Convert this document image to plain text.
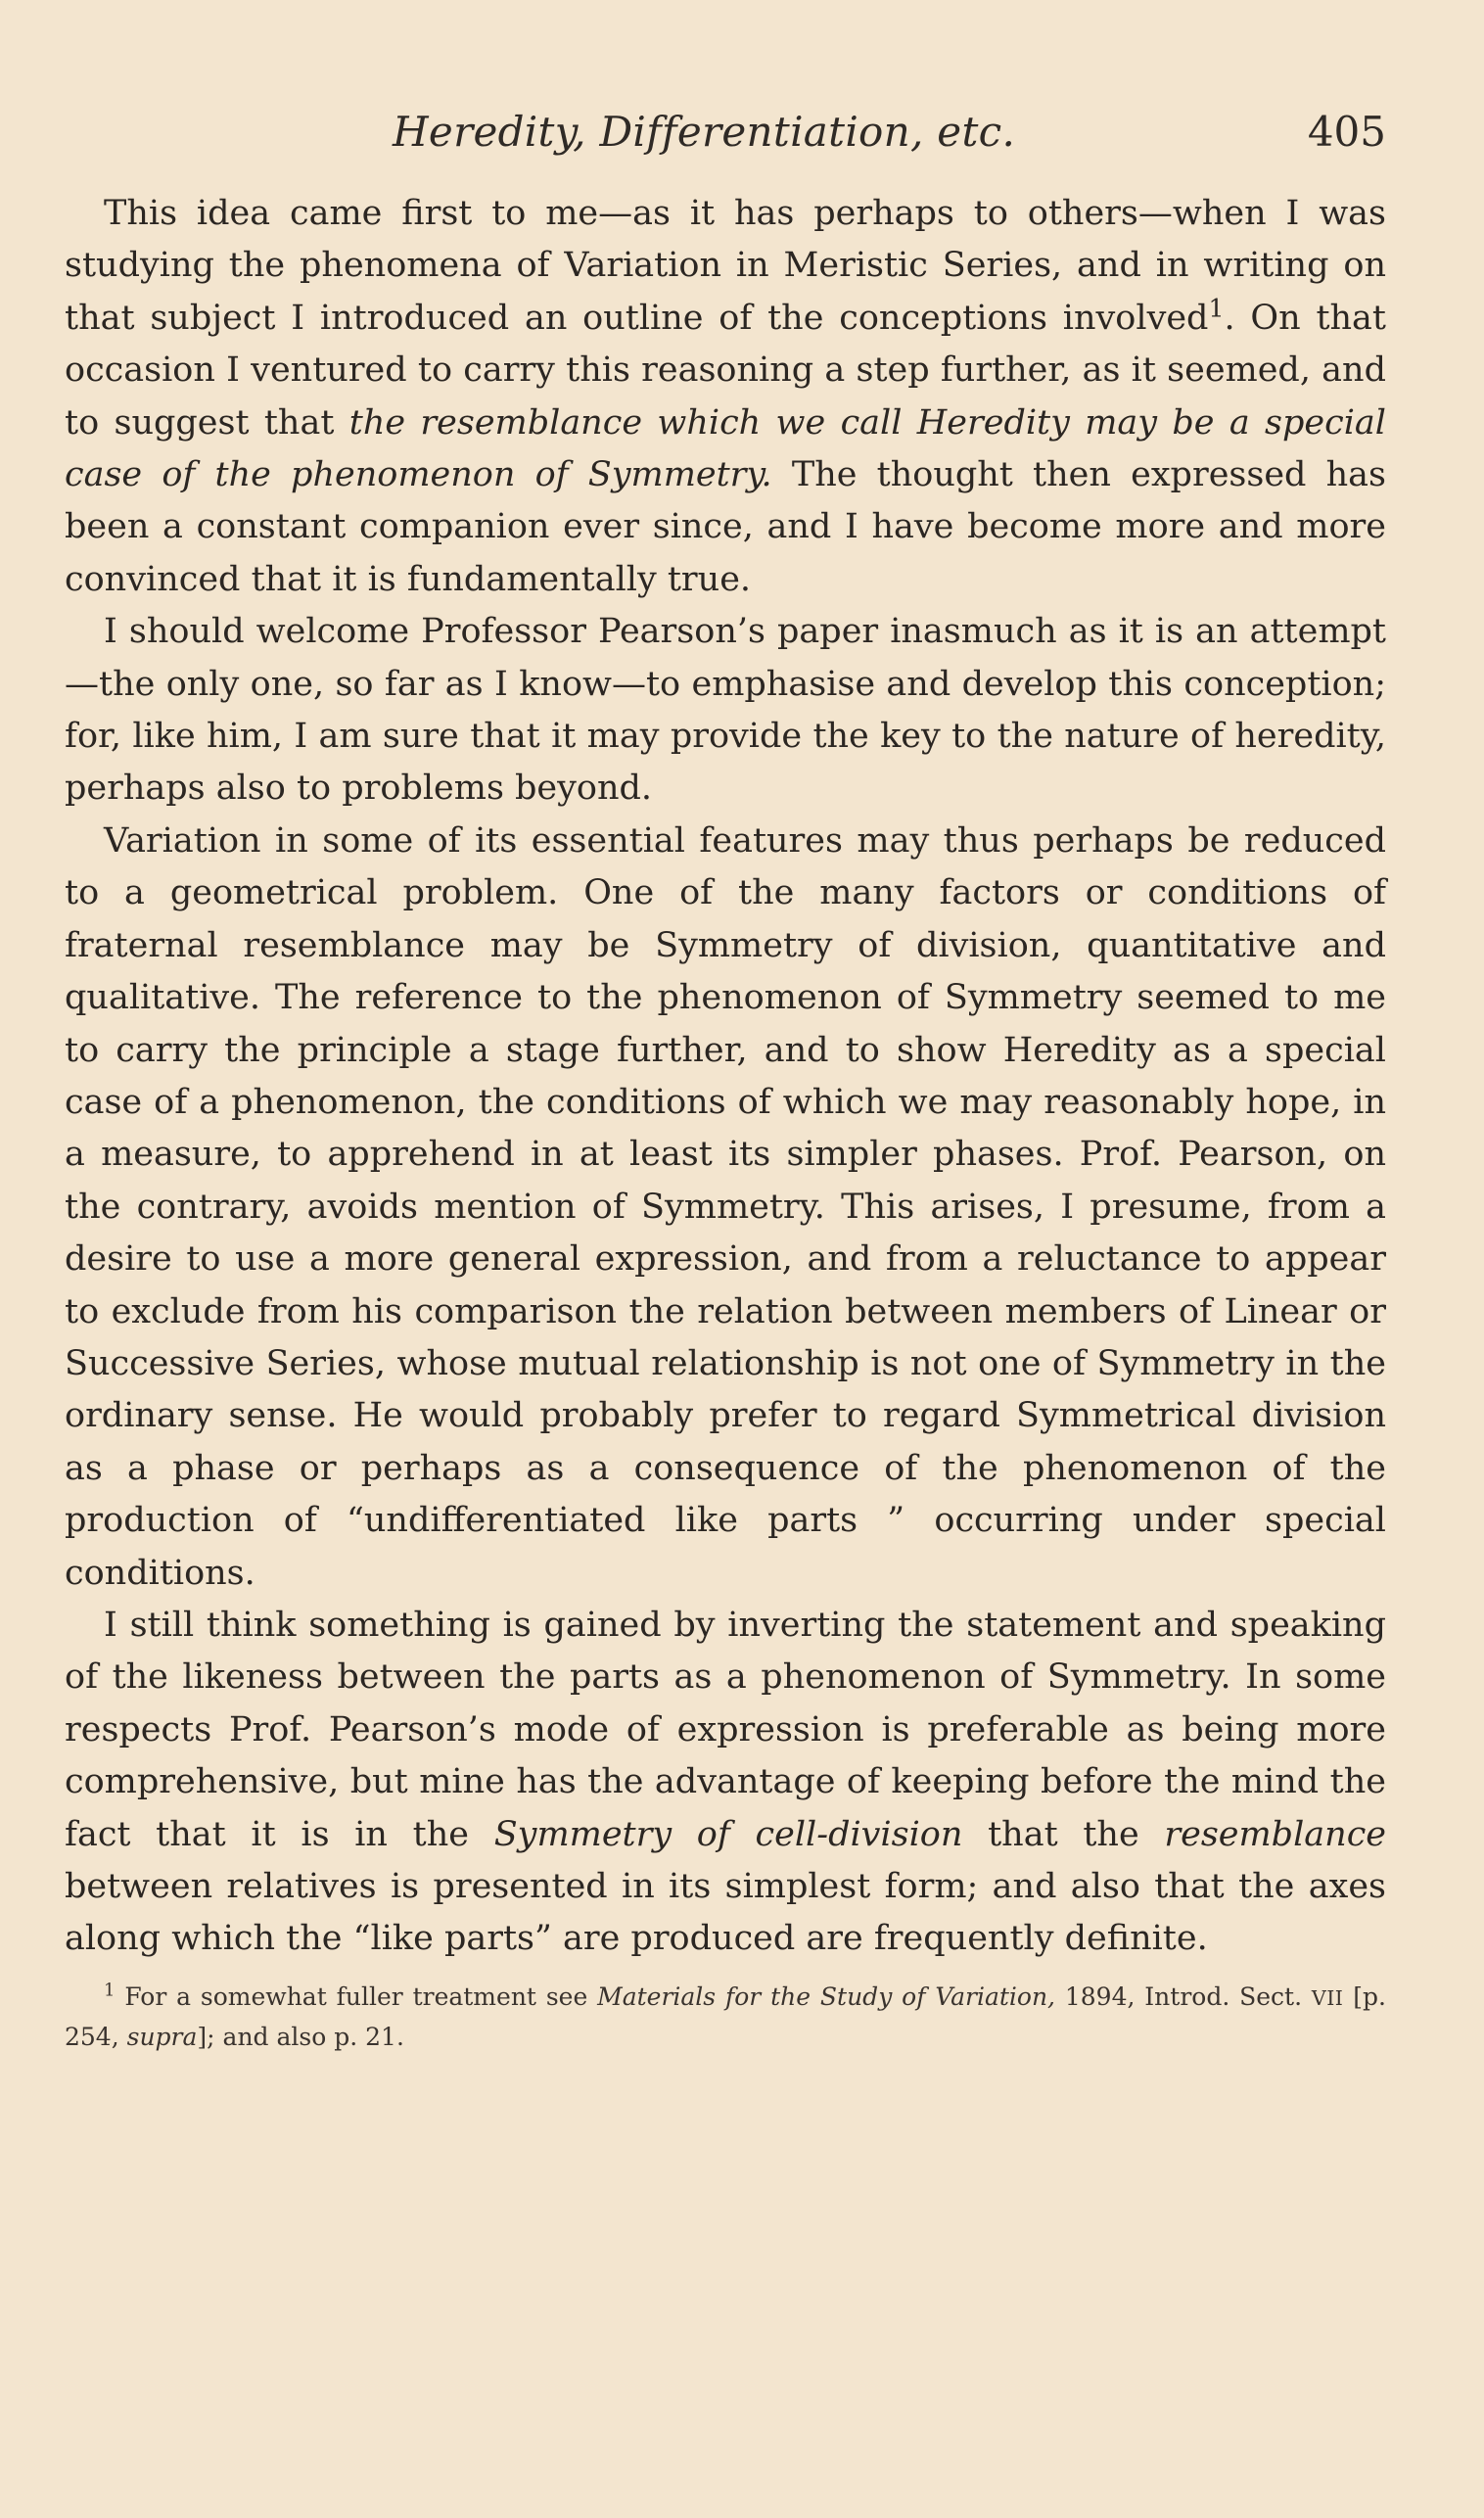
Heredity, Differentiation, etc.	405

This idea came first to me—as it has perhaps to others—when I was studying the phenomena of Variation in Meristic Series, and in writing on that subject I introduced an outline of the conceptions involved$^1$. On that occasion I ventured to carry this reasoning a step further, as it seemed, and to suggest that the resemblance which we call Heredity may be a special case of the phenomenon of Symmetry. The thought then expressed has been a constant companion ever since, and I have become more and more convinced that it is fundamentally true.

I should welcome Professor Pearson’s paper inasmuch as it is an attempt—the only one, so far as I know—to emphasise and develop this conception; for, like him, I am sure that it may provide the key to the nature of heredity, perhaps also to problems beyond.

Variation in some of its essential features may thus perhaps be reduced to a geometrical problem. One of the many factors or conditions of fraternal resemblance may be Symmetry of division, quantitative and qualitative. The reference to the phenomenon of Symmetry seemed to me to carry the principle a stage further, and to show Heredity as a special case of a phenomenon, the conditions of which we may reasonably hope, in a measure, to apprehend in at least its simpler phases. Prof. Pearson, on the contrary, avoids mention of Symmetry. This arises, I presume, from a desire to use a more general expression, and from a reluctance to appear to exclude from his comparison the relation between members of Linear or Successive Series, whose mutual relationship is not one of Symmetry in the ordinary sense. He would probably prefer to regard Symmetrical division as a phase or perhaps as a consequence of the phenomenon of the production of “undifferentiated like parts ” occurring under special conditions.

I still think something is gained by inverting the statement and speaking of the likeness between the parts as a phenomenon of Symmetry. In some respects Prof. Pearson’s mode of expression is preferable as being more comprehensive, but mine has the advantage of keeping before the mind the fact that it is in the Symmetry of cell-division that the resemblance between relatives is presented in its simplest form; and also that the axes along which the “like parts” are produced are frequently definite.

$^1$ For a somewhat fuller treatment see Materials for the Study of Variation, 1894, Introd. Sect. VII [p. 254, supra]; and also p. 21.
